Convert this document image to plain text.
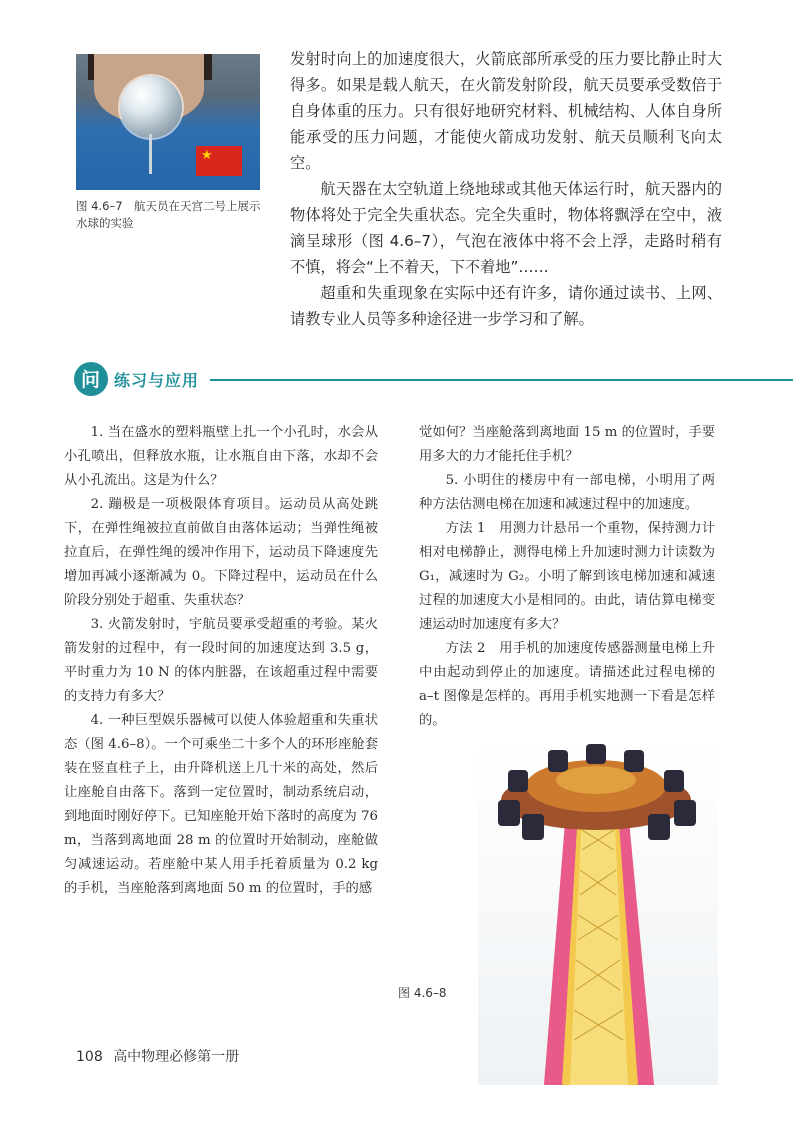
★
图 4.6–7　航天员在天宫二号上展示水球的实验

发射时向上的加速度很大，火箭底部所承受的压力要比静止时大得多。如果是载人航天，在火箭发射阶段，航天员要承受数倍于自身体重的压力。只有很好地研究材料、机械结构、人体自身所能承受的压力问题，才能使火箭成功发射、航天员顺利飞向太空。

航天器在太空轨道上绕地球或其他天体运行时，航天器内的物体将处于完全失重状态。完全失重时，物体将飘浮在空中，液滴呈球形（图 4.6–7），气泡在液体中将不会上浮，走路时稍有不慎，将会“上不着天，下不着地”……

超重和失重现象在实际中还有许多，请你通过读书、上网、请教专业人员等多种途径进一步学习和了解。

问 练习与应用

1. 当在盛水的塑料瓶壁上扎一个小孔时，水会从小孔喷出，但释放水瓶，让水瓶自由下落，水却不会从小孔流出。这是为什么？

2. 蹦极是一项极限体育项目。运动员从高处跳下，在弹性绳被拉直前做自由落体运动；当弹性绳被拉直后，在弹性绳的缓冲作用下，运动员下降速度先增加再减小逐渐减为 0。下降过程中，运动员在什么阶段分别处于超重、失重状态？

3. 火箭发射时，宇航员要承受超重的考验。某火箭发射的过程中，有一段时间的加速度达到 3.5 g，平时重力为 10 N 的体内脏器，在该超重过程中需要的支持力有多大？

4. 一种巨型娱乐器械可以使人体验超重和失重状态（图 4.6–8）。一个可乘坐二十多个人的环形座舱套装在竖直柱子上，由升降机送上几十米的高处，然后让座舱自由落下。落到一定位置时，制动系统启动，到地面时刚好停下。已知座舱开始下落时的高度为 76 m，当落到离地面 28 m 的位置时开始制动，座舱做匀减速运动。若座舱中某人用手托着质量为 0.2 kg 的手机，当座舱落到离地面 50 m 的位置时，手的感

觉如何？当座舱落到离地面 15 m 的位置时，手要用多大的力才能托住手机？

5. 小明住的楼房中有一部电梯，小明用了两种方法估测电梯在加速和减速过程中的加速度。

方法 1　用测力计悬吊一个重物，保持测力计相对电梯静止，测得电梯上升加速时测力计读数为 G₁，减速时为 G₂。小明了解到该电梯加速和减速过程的加速度大小是相同的。由此，请估算电梯变速运动时加速度有多大？

方法 2　用手机的加速度传感器测量电梯上升中由起动到停止的加速度。请描述此过程电梯的 a–t 图像是怎样的。再用手机实地测一下看是怎样的。

图 4.6–8
108 高中物理必修第一册
